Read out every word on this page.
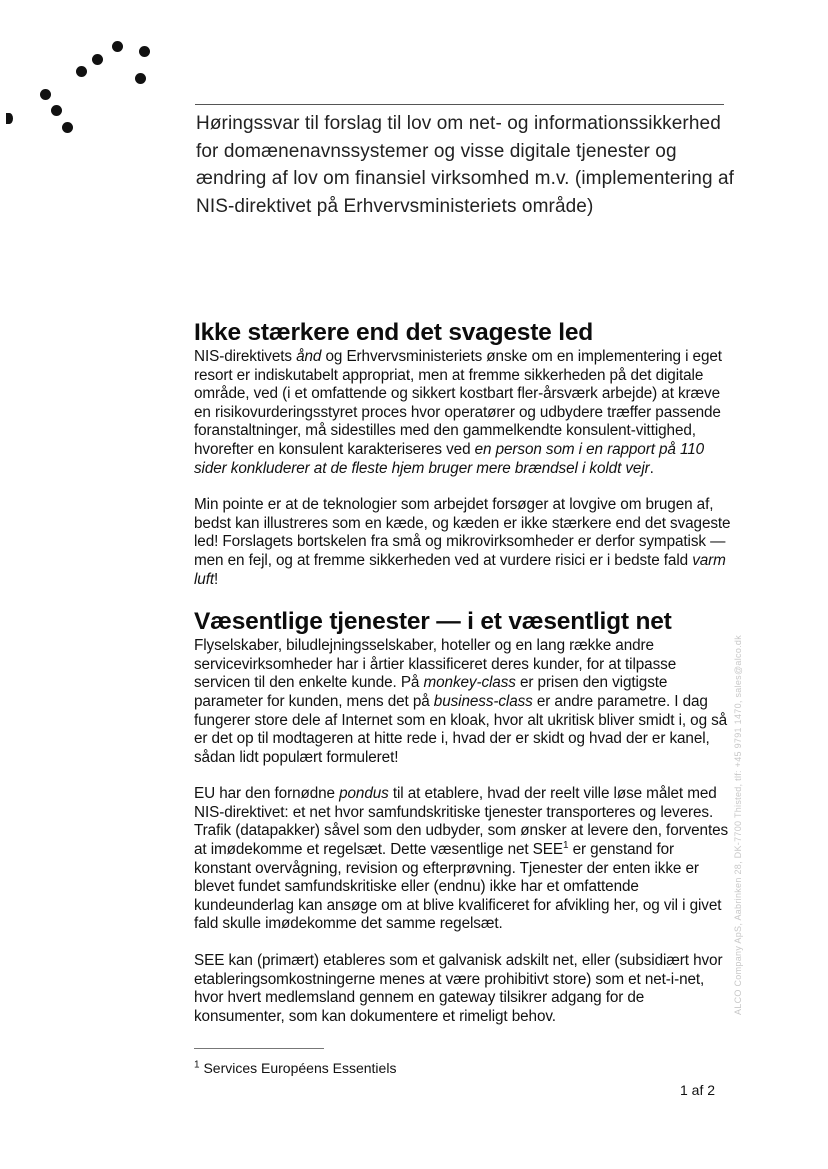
Høringssvar til forslag til lov om net- og informationssikkerhed for domænenavnssystemer og visse digitale tjenester og ændring af lov om finansiel virksomhed m.v. (implementering af NIS-direktivet på Erhvervsministeriets område)
Ikke stærkere end det svageste led

NIS-direktivets ånd og Erhvervsministeriets ønske om en implementering i eget resort er indiskutabelt appropriat, men at fremme sikkerheden på det digitale område, ved (i et omfattende og sikkert kostbart fler-årsværk arbejde) at kræve en risikovurderingsstyret proces hvor operatører og udbydere træffer passende foranstaltninger, må sidestilles med den gammelkendte konsulent-vittighed, hvorefter en konsulent karakteriseres ved en person som i en rapport på 110 sider konkluderer at de fleste hjem bruger mere brændsel i koldt vejr.

Min pointe er at de teknologier som arbejdet forsøger at lovgive om brugen af, bedst kan illustreres som en kæde, og kæden er ikke stærkere end det svageste led! Forslagets bortskelen fra små og mikrovirksomheder er derfor sympatisk — men en fejl, og at fremme sikkerheden ved at vurdere risici er i bedste fald varm luft!

Væsentlige tjenester — i et væsentligt net

Flyselskaber, biludlejningsselskaber, hoteller og en lang række andre servicevirksomheder har i årtier klassificeret deres kunder, for at tilpasse servicen til den enkelte kunde. På monkey-class er prisen den vigtigste parameter for kunden, mens det på business-class er andre parametre. I dag fungerer store dele af Internet som en kloak, hvor alt ukritisk bliver smidt i, og så er det op til modtageren at hitte rede i, hvad der er skidt og hvad der er kanel, sådan lidt populært formuleret!

EU har den fornødne pondus til at etablere, hvad der reelt ville løse målet med NIS-direktivet: et net hvor samfundskritiske tjenester transporteres og leveres. Trafik (datapakker) såvel som den udbyder, som ønsker at levere den, forventes at imødekomme et regelsæt. Dette væsentlige net SEE$^1$ er genstand for konstant overvågning, revision og efterprøvning. Tjenester der enten ikke er blevet fundet samfundskritiske eller (endnu) ikke har et omfattende kundeunderlag kan ansøge om at blive kvalificeret for afvikling her, og vil i givet fald skulle imødekomme det samme regelsæt.

SEE kan (primært) etableres som et galvanisk adskilt net, eller (subsidiært hvor etableringsomkostningerne menes at være prohibitivt store) som et net-i-net, hvor hvert medlemsland gennem en gateway tilsikrer adgang for de konsumenter, som kan dokumentere et rimeligt behov.

$^1$ Services Européens Essentiels
1 af 2
ALCO Company ApS, Aabrinken 28, DK-7700 Thisted, tlf: +45 9791 1470, sales@alco.dk
